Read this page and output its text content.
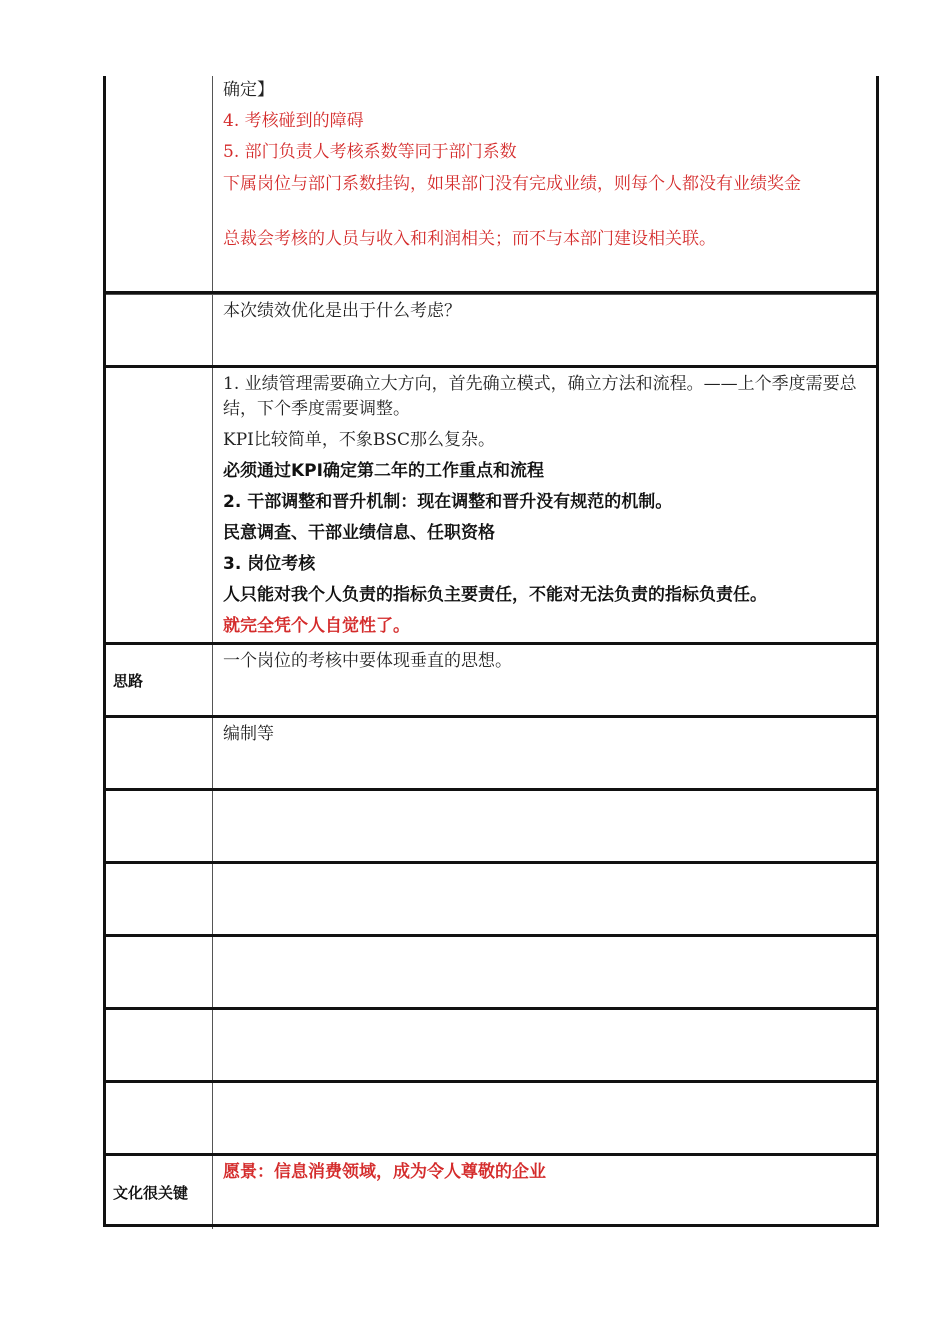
确定】

4. 考核碰到的障碍

5. 部门负责人考核系数等同于部门系数

下属岗位与部门系数挂钩，如果部门没有完成业绩，则每个人都没有业绩奖金

总裁会考核的人员与收入和利润相关；而不与本部门建设相关联。

本次绩效优化是出于什么考虑？

1. 业绩管理需要确立大方向，首先确立模式，确立方法和流程。——上个季度需要总结，下个季度需要调整。

KPI比较简单，不象BSC那么复杂。

必须通过KPI确定第二年的工作重点和流程

2. 干部调整和晋升机制：现在调整和晋升没有规范的机制。

民意调查、干部业绩信息、任职资格

3. 岗位考核

人只能对我个人负责的指标负主要责任，不能对无法负责的指标负责任。

就完全凭个人自觉性了。

思路

一个岗位的考核中要体现垂直的思想。

编制等

文化很关键

愿景：信息消费领域，成为令人尊敬的企业
